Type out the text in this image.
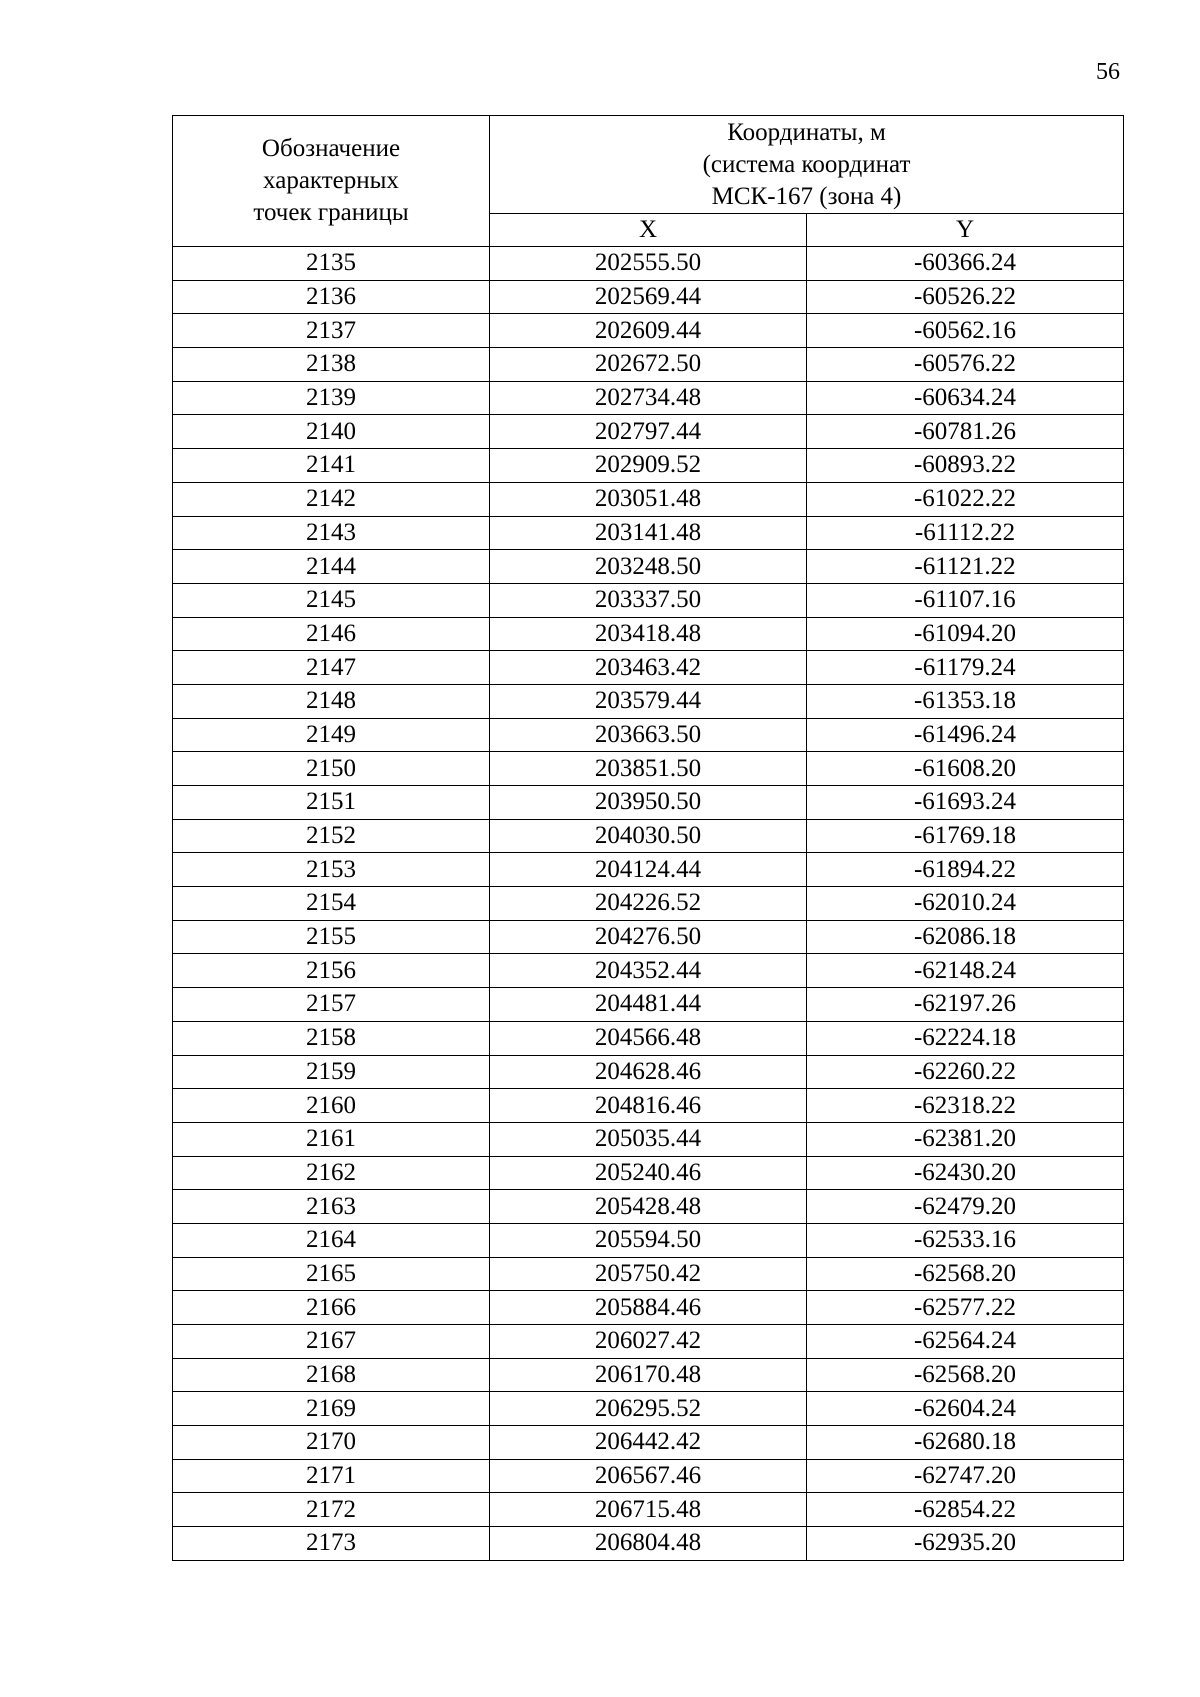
56
Обозначение
характерных
точек границы	Координаты, м
(система координат
МСК-167 (зона 4)	

	X	Y
2135	202555.50	-60366.24
2136	202569.44	-60526.22
2137	202609.44	-60562.16
2138	202672.50	-60576.22
2139	202734.48	-60634.24
2140	202797.44	-60781.26
2141	202909.52	-60893.22
2142	203051.48	-61022.22
2143	203141.48	-61112.22
2144	203248.50	-61121.22
2145	203337.50	-61107.16
2146	203418.48	-61094.20
2147	203463.42	-61179.24
2148	203579.44	-61353.18
2149	203663.50	-61496.24
2150	203851.50	-61608.20
2151	203950.50	-61693.24
2152	204030.50	-61769.18
2153	204124.44	-61894.22
2154	204226.52	-62010.24
2155	204276.50	-62086.18
2156	204352.44	-62148.24
2157	204481.44	-62197.26
2158	204566.48	-62224.18
2159	204628.46	-62260.22
2160	204816.46	-62318.22
2161	205035.44	-62381.20
2162	205240.46	-62430.20
2163	205428.48	-62479.20
2164	205594.50	-62533.16
2165	205750.42	-62568.20
2166	205884.46	-62577.22
2167	206027.42	-62564.24
2168	206170.48	-62568.20
2169	206295.52	-62604.24
2170	206442.42	-62680.18
2171	206567.46	-62747.20
2172	206715.48	-62854.22
2173	206804.48	-62935.20
